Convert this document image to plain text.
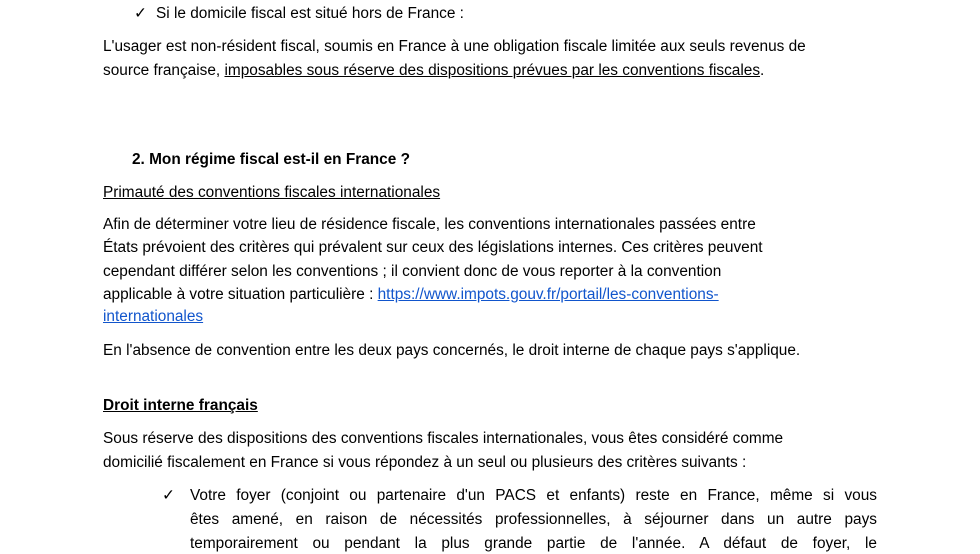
✓ Si le domicile fiscal est situé hors de France :
L'usager est non-résident fiscal, soumis en France à une obligation fiscale limitée aux seuls revenus de
source française, imposables sous réserve des dispositions prévues par les conventions fiscales.
2. Mon régime fiscal est-il en France ?
Primauté des conventions fiscales internationales
Afin de déterminer votre lieu de résidence fiscale, les conventions internationales passées entre
États prévoient des critères qui prévalent sur ceux des législations internes. Ces critères peuvent
cependant différer selon les conventions ; il convient donc de vous reporter à la convention
applicable à votre situation particulière : https://www.impots.gouv.fr/portail/les-conventions-
internationales
En l'absence de convention entre les deux pays concernés, le droit interne de chaque pays s'applique.
Droit interne français
Sous réserve des dispositions des conventions fiscales internationales, vous êtes considéré comme
domicilié fiscalement en France si vous répondez à un seul ou plusieurs des critères suivants :
✓ Votre foyer (conjoint ou partenaire d'un PACS et enfants) reste en France, même si vous
êtes amené, en raison de nécessités professionnelles, à séjourner dans un autre pays
temporairement ou pendant la plus grande partie de l'année. A défaut de foyer, le
